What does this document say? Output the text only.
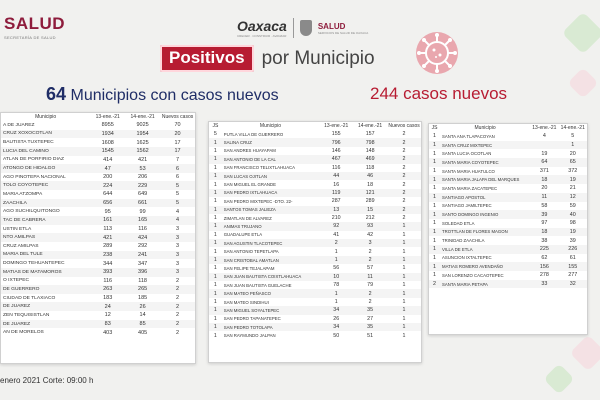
SALUD
SECRETARÍA DE SALUD
Oaxaca
CRECER · CONSTRUIR · AVANZAR
SALUD
SERVICIOS DE SALUD DE OAXACA
Positivos por Municipio
64 Municipios con casos nuevos	244 casos nuevos
Municipio	13-ene.-21	14-ene.-21	Nuevos casos
A DE JUAREZ	8955	9025	70
CRUZ XOXOCOTLAN	1934	1954	20
BAUTISTA TUXTEPEC	1608	1625	17
LUCIA DEL CAMINO	1545	1562	17
ATLAN DE PORFIRIO DIAZ	414	421	7
ATONGO DE HIDALGO	47	53	6
AGO PINOTEPA NACIONAL	200	206	6
TOLO COYOTEPEC	224	229	5
MARIA ATZOMPA	644	649	5
ZAACHILA	656	661	5
AGO SUCHILQUITONGO	95	99	4
TAC DE CABRERA	161	165	4
USTIN ETLA	113	116	3
NTO AMILPAS	421	424	3
CRUZ AMILPAS	289	292	3
MARIA DEL TULE	238	241	3
DOMINGO TEHUANTEPEC	344	347	3
MATIAS DE MATAMOROS	393	396	3
O IXTEPEC	116	118	2
DE GUERRERO	263	265	2
CIUDAD DE TLAXIACO	183	185	2
DE JUAREZ	24	26	2
ZEN TEQUISISTLAN	12	14	2
DE JUAREZ	83	85	2
AN DE MORELOS	403	405	2
JS	Municipio	13-ene.-21	14-ene.-21	Nuevos casos
5	PUTLA VILLA DE GUERRERO	155	157	2
1	SALINA CRUZ	796	798	2
1	SAN ANDRES HUAYAPAM	146	148	2
1	SAN ANTONIO DE LA CAL	467	469	2
1	SAN FRANCISCO TELIXTLAHUACA	116	118	2
1	SAN LUCAS OJITLAN	44	46	2
1	SAN MIGUEL EL GRANDE	16	18	2
1	SAN PEDRO IXTLAHUACA	119	121	2
1	SAN PEDRO MIXTEPEC -DTO. 22-	287	289	2
1	SANTOS TOMAS JALIEZA	13	15	2
1	ZIMATLAN DE ALVAREZ	210	212	2
1	ANIMAS TRUJANO	92	93	1
1	GUADALUPE ETLA	41	42	1
1	SAN AGUSTIN TLACOTEPEC	2	3	1
1	SAN ANTONIO TEPETLAPA	1	2	1
1	SAN CRISTOBAL AMATLAN	1	2	1
1	SAN FELIPE TEJALAPAM	56	57	1
1	SAN JUAN BAUTISTA COIXTLAHUACA	10	11	1
1	SAN JUAN BAUTISTA GUELACHE	78	79	1
1	SAN MATEO PEÑASCO	1	2	1
1	SAN MATEO SINDIHUI	1	2	1
1	SAN MIGUEL SOYALTEPEC	34	35	1
1	SAN PEDRO TAPANATEPEC	26	27	1
1	SAN PEDRO TOTOLAPA	34	35	1
1	SAN RAYMUNDO JALPAN	50	51	1
JS	Municipio	13-ene.-21	14-ene.-21
1	SANTA ANA TLAPACOYAN	4	5
1	SANTA CRUZ MIXTEPEC		1
1	SANTA LUCIA OCOTLAN	19	20
1	SANTA MARIA COYOTEPEC	64	65
1	SANTA MARIA HUATULCO	371	372
1	SANTA MARIA JALAPA DEL MARQUES	18	19
1	SANTA MARIA ZACATEPEC	20	21
1	SANTIAGO APOSTOL	11	12
1	SANTIAGO JAMILTEPEC	58	59
1	SANTO DOMINGO INGENIO	39	40
1	SOLEDAD ETLA	97	98
1	TROTTLAN DE FLORES MAGON	18	19
1	TRINIDAD ZAACHILA	38	39
1	VILLA DE ETLA	225	226
1	ASUNCION IXTALTEPEC	62	61
1	MATIAS ROMERO AVENDAÑO	156	155
1	SAN LORENZO CACAOTEPEC	278	277
2	SANTA MARIA PETAPA	33	32
enero 2021 Corte: 09:00 h
